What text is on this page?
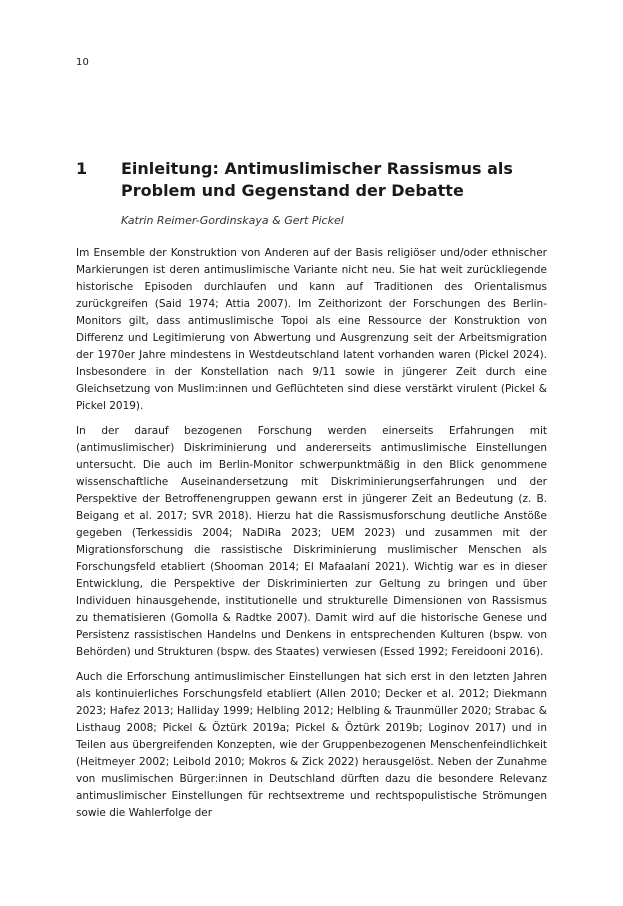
10
1 Einleitung: Antimuslimischer Rassismus als Problem und Gegenstand der Debatte
Katrin Reimer-Gordinskaya & Gert Pickel

Im Ensemble der Konstruktion von Anderen auf der Basis religiöser und/oder ethnischer Markierungen ist deren antimuslimische Variante nicht neu. Sie hat weit zurückliegende historische Episoden durchlaufen und kann auf Traditionen des Orientalismus zurückgreifen (Said 1974; Attia 2007). Im Zeithorizont der Forschungen des Berlin-Monitors gilt, dass antimuslimische Topoi als eine Ressource der Konstruktion von Differenz und Legitimierung von Abwertung und Ausgrenzung seit der Arbeitsmigration der 1970er Jahre mindestens in Westdeutschland latent vorhanden waren (Pickel 2024). Insbesondere in der Konstellation nach 9/11 sowie in jüngerer Zeit durch eine Gleichsetzung von Muslim:innen und Geflüchteten sind diese verstärkt virulent (Pickel & Pickel 2019).

In der darauf bezogenen Forschung werden einerseits Erfahrungen mit (antimuslimischer) Diskriminierung und andererseits antimuslimische Einstellungen untersucht. Die auch im Berlin-Monitor schwerpunktmäßig in den Blick genommene wissenschaftliche Auseinandersetzung mit Diskriminierungserfahrungen und der Perspektive der Betroffenengruppen gewann erst in jüngerer Zeit an Bedeutung (z. B. Beigang et al. 2017; SVR 2018). Hierzu hat die Rassismusforschung deutliche Anstöße gegeben (Terkessidis 2004; NaDiRa 2023; UEM 2023) und zusammen mit der Migrationsforschung die rassistische Diskriminierung muslimischer Menschen als Forschungsfeld etabliert (Shooman 2014; El Mafaalani 2021). Wichtig war es in dieser Entwicklung, die Perspektive der Diskriminierten zur Geltung zu bringen und über Individuen hinausgehende, institutionelle und strukturelle Dimensionen von Rassismus zu thematisieren (Gomolla & Radtke 2007). Damit wird auf die historische Genese und Persistenz rassistischen Handelns und Denkens in entsprechenden Kulturen (bspw. von Behörden) und Strukturen (bspw. des Staates) verwiesen (Essed 1992; Fereidooni 2016).

Auch die Erforschung antimuslimischer Einstellungen hat sich erst in den letzten Jahren als kontinuierliches Forschungsfeld etabliert (Allen 2010; Decker et al. 2012; Diekmann 2023; Hafez 2013; Halliday 1999; Helbling 2012; Helbling & Traunmüller 2020; Strabac & Listhaug 2008; Pickel & Öztürk 2019a; Pickel & Öztürk 2019b; Loginov 2017) und in Teilen aus übergreifenden Konzepten, wie der Gruppenbezogenen Menschenfeindlichkeit (Heitmeyer 2002; Leibold 2010; Mokros & Zick 2022) herausgelöst. Neben der Zunahme von muslimischen Bürger:innen in Deutschland dürften dazu die besondere Relevanz antimuslimischer Einstellungen für rechtsextreme und rechtspopulistische Strömungen sowie die Wahlerfolge der
